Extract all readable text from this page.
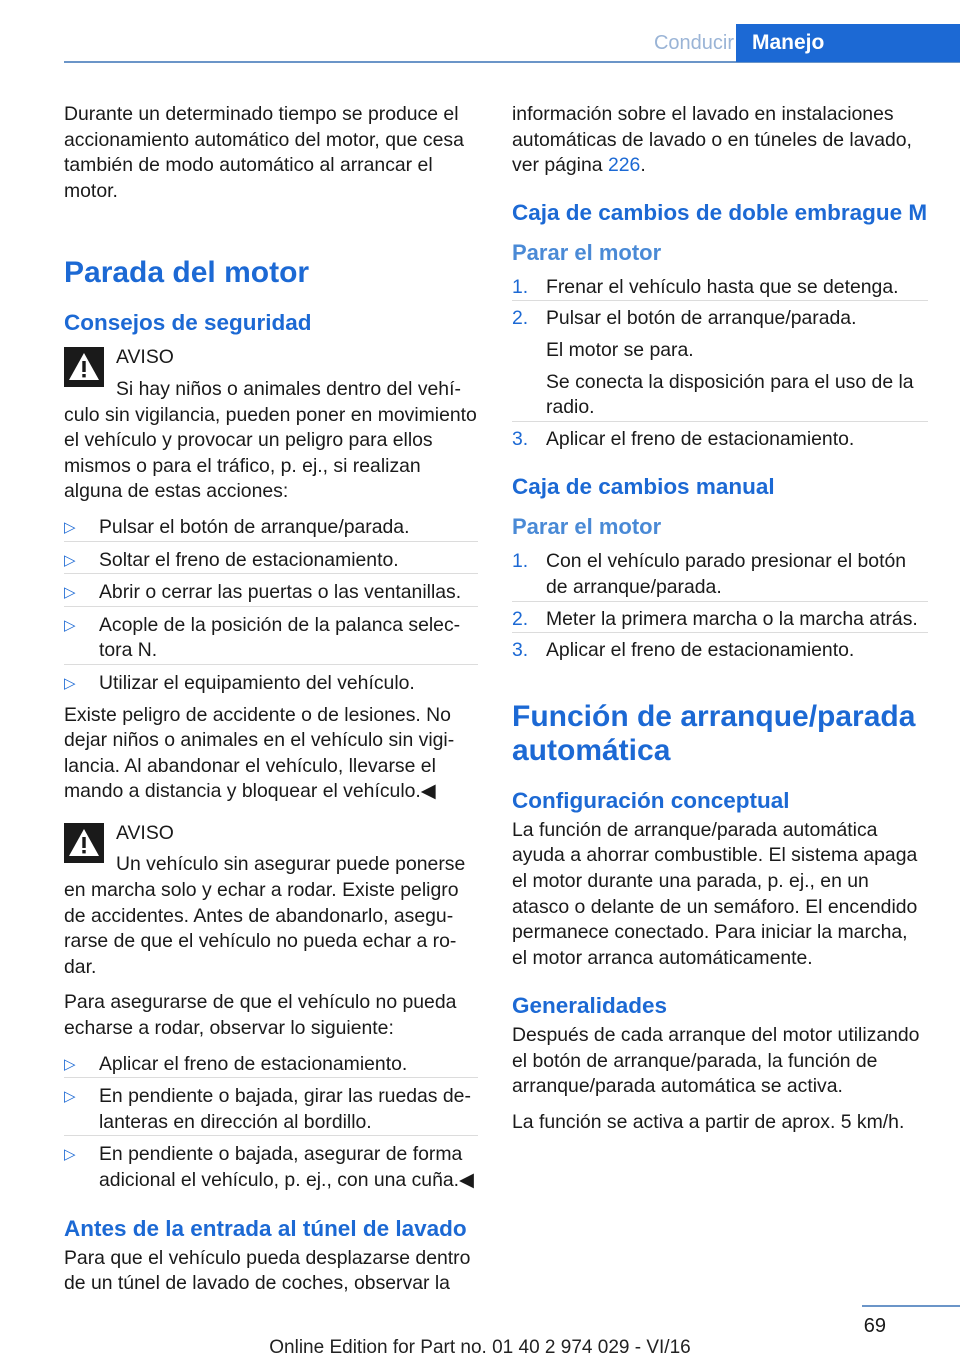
Conducir Manejo

Durante un determinado tiempo se produce el accionamiento automático del motor, que cesa también de modo automático al arrancar el motor.

Parada del motor
Consejos de seguridad

AVISO

Si hay niños o animales dentro del vehículo sin vigilancia, pueden poner en movimiento el vehículo y provocar un peligro para ellos mismos o para el tráfico, p. ej., si realizan alguna de estas acciones:

▷ Pulsar el botón de arranque/parada.
▷ Soltar el freno de estacionamiento.
▷ Abrir o cerrar las puertas o las ventanillas.
▷ Acople de la posición de la palanca selectora N.
▷ Utilizar el equipamiento del vehículo.

Existe peligro de accidente o de lesiones. No dejar niños o animales en el vehículo sin vigilancia. Al abandonar el vehículo, llevarse el mando a distancia y bloquear el vehículo.◀

AVISO

Un vehículo sin asegurar puede ponerse en marcha solo y echar a rodar. Existe peligro de accidentes. Antes de abandonarlo, asegurarse de que el vehículo no pueda echar a rodar.

Para asegurarse de que el vehículo no pueda echarse a rodar, observar lo siguiente:

▷ Aplicar el freno de estacionamiento.
▷ En pendiente o bajada, girar las ruedas delanteras en dirección al bordillo.
▷ En pendiente o bajada, asegurar de forma adicional el vehículo, p. ej., con una cuña.◀
Antes de la entrada al túnel de lavado

Para que el vehículo pueda desplazarse dentro de un túnel de lavado de coches, observar la

información sobre el lavado en instalaciones automáticas de lavado o en túneles de lavado, ver página 226.

Caja de cambios de doble embrague M
Parar el motor
1. Frenar el vehículo hasta que se detenga.
2. Pulsar el botón de arranque/parada.
El motor se para.
Se conecta la disposición para el uso de la radio.
3. Aplicar el freno de estacionamiento.
Caja de cambios manual
Parar el motor
1. Con el vehículo parado presionar el botón de arranque/parada.
2. Meter la primera marcha o la marcha atrás.
3. Aplicar el freno de estacionamiento.
Función de arranque/parada automática
Configuración conceptual

La función de arranque/parada automática ayuda a ahorrar combustible. El sistema apaga el motor durante una parada, p. ej., en un atasco o delante de un semáforo. El encendido permanece conectado. Para iniciar la marcha, el motor arranca automáticamente.

Generalidades

Después de cada arranque del motor utilizando el botón de arranque/parada, la función de arranque/parada automática se activa.

La función se activa a partir de aprox. 5 km/h.

69
Online Edition for Part no. 01 40 2 974 029 - VI/16
